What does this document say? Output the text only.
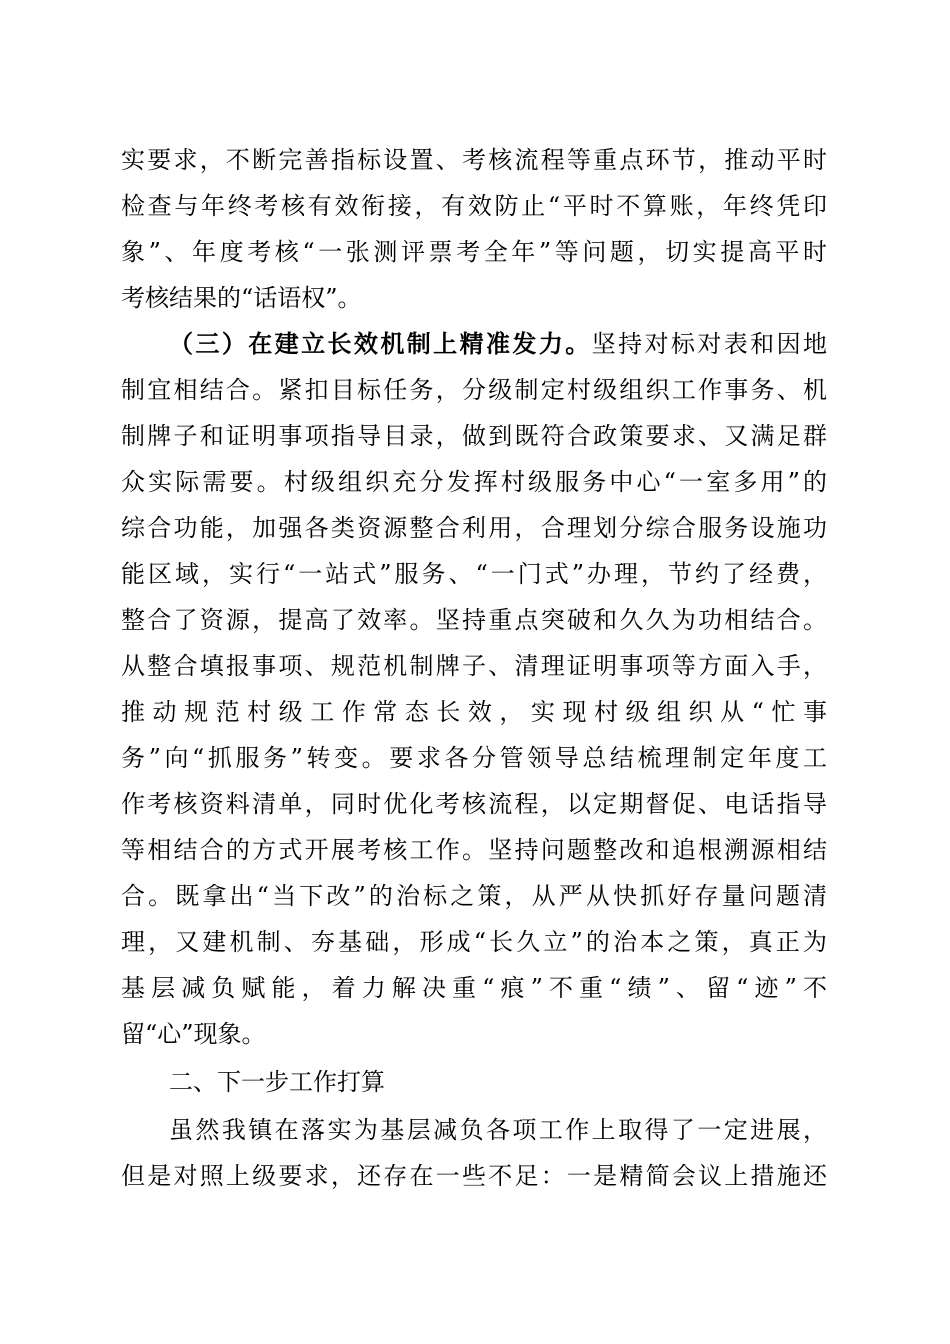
实要求，不断完善指标设置、考核流程等重点环节，推动平时

检查与年终考核有效衔接，有效防止“平时不算账，年终凭印

象”、年度考核“一张测评票考全年”等问题，切实提高平时

考核结果的“话语权”。

（三）在建立长效机制上精准发力。坚持对标对表和因地

制宜相结合。紧扣目标任务，分级制定村级组织工作事务、机

制牌子和证明事项指导目录，做到既符合政策要求、又满足群

众实际需要。村级组织充分发挥村级服务中心“一室多用”的

综合功能，加强各类资源整合利用，合理划分综合服务设施功

能区域，实行“一站式”服务、“一门式”办理，节约了经费，

整合了资源，提高了效率。坚持重点突破和久久为功相结合。

从整合填报事项、规范机制牌子、清理证明事项等方面入手，

推动规范村级工作常态长效，实现村级组织从“忙事

务”向“抓服务”转变。要求各分管领导总结梳理制定年度工

作考核资料清单，同时优化考核流程，以定期督促、电话指导

等相结合的方式开展考核工作。坚持问题整改和追根溯源相结

合。既拿出“当下改”的治标之策，从严从快抓好存量问题清

理，又建机制、夯基础，形成“长久立”的治本之策，真正为

基层减负赋能，着力解决重“痕”不重“绩”、留“迹”不

留“心”现象。

二、下一步工作打算

虽然我镇在落实为基层减负各项工作上取得了一定进展，

但是对照上级要求，还存在一些不足：一是精简会议上措施还
